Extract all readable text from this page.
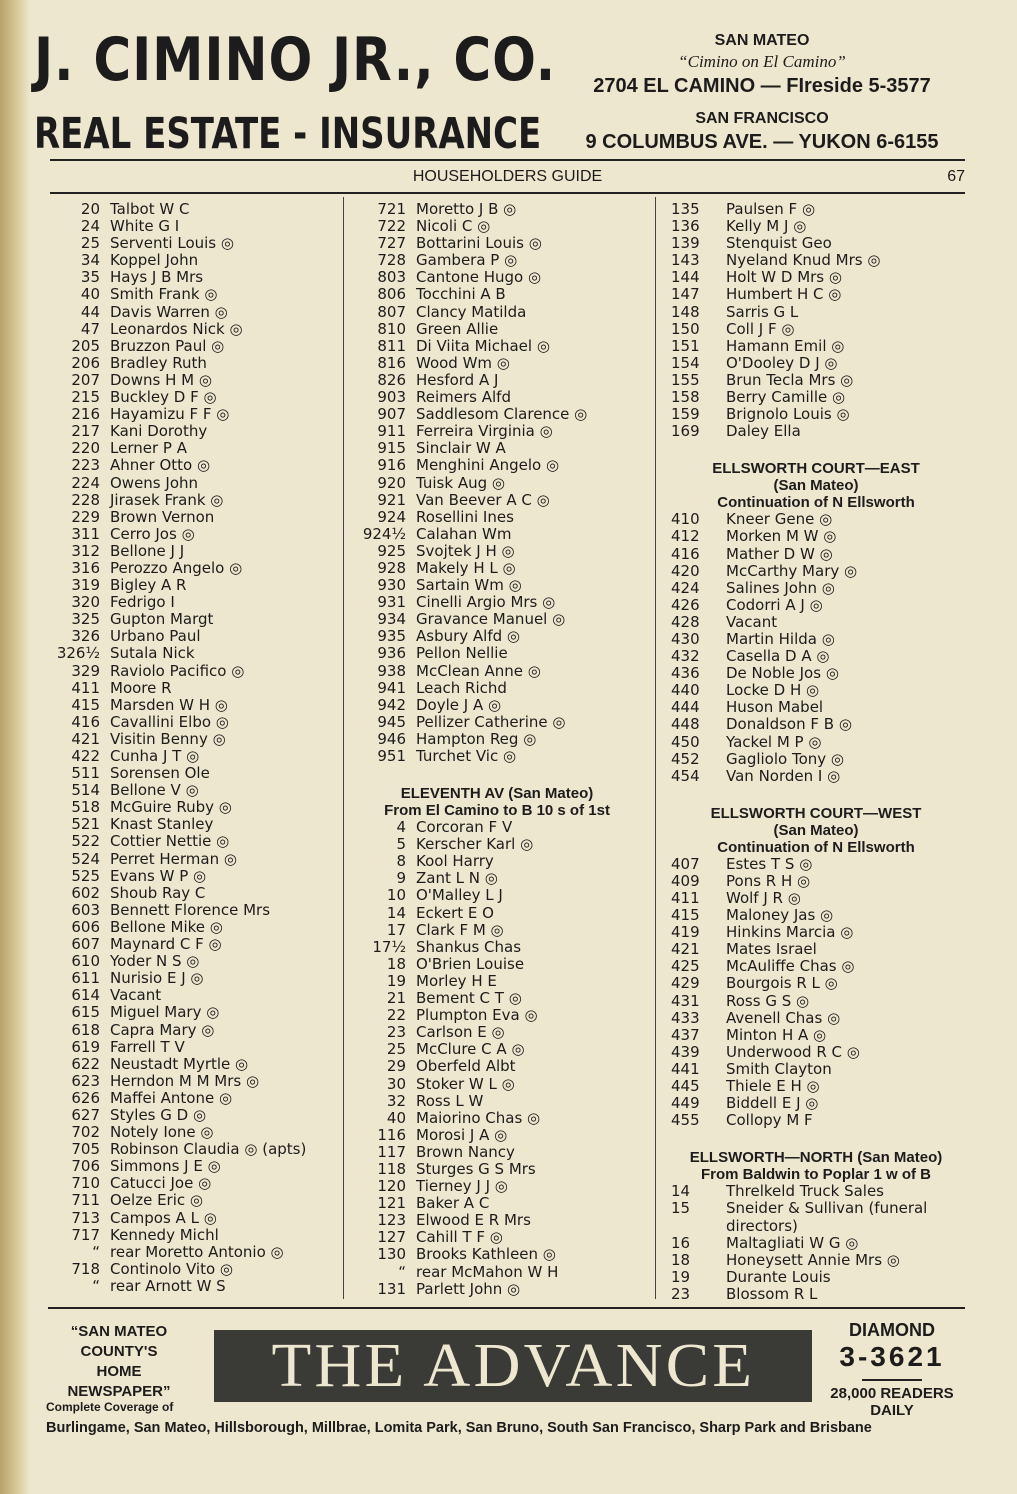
J. CIMINO JR., CO.
REAL ESTATE - INSURANCE
SAN MATEO
“Cimino on El Camino”
2704 EL CAMINO — FIreside 5-3577
SAN FRANCISCO
9 COLUMBUS AVE. — YUKON 6-6155
HOUSEHOLDERS GUIDE	67
20 Talbot W C
24 White G I
25 Serventi Louis ◎
34 Koppel John
35 Hays J B Mrs
40 Smith Frank ◎
44 Davis Warren ◎
47 Leonardos Nick ◎
205 Bruzzon Paul ◎
206 Bradley Ruth
207 Downs H M ◎
215 Buckley D F ◎
216 Hayamizu F F ◎
217 Kani Dorothy
220 Lerner P A
223 Ahner Otto ◎
224 Owens John
228 Jirasek Frank ◎
229 Brown Vernon
311 Cerro Jos ◎
312 Bellone J J
316 Perozzo Angelo ◎
319 Bigley A R
320 Fedrigo I
325 Gupton Margt
326 Urbano Paul
326½ Sutala Nick
329 Raviolo Pacifico ◎
411 Moore R
415 Marsden W H ◎
416 Cavallini Elbo ◎
421 Visitin Benny ◎
422 Cunha J T ◎
511 Sorensen Ole
514 Bellone V ◎
518 McGuire Ruby ◎
521 Knast Stanley
522 Cottier Nettie ◎
524 Perret Herman ◎
525 Evans W P ◎
602 Shoub Ray C
603 Bennett Florence Mrs
606 Bellone Mike ◎
607 Maynard C F ◎
610 Yoder N S ◎
611 Nurisio E J ◎
614 Vacant
615 Miguel Mary ◎
618 Capra Mary ◎
619 Farrell T V
622 Neustadt Myrtle ◎
623 Herndon M M Mrs ◎
626 Maffei Antone ◎
627 Styles G D ◎
702 Notely Ione ◎
705 Robinson Claudia ◎ (apts)
706 Simmons J E ◎
710 Catucci Joe ◎
711 Oelze Eric ◎
713 Campos A L ◎
717 Kennedy Michl
“ rear Moretto Antonio ◎
718 Continolo Vito ◎
“ rear Arnott W S
721 Moretto J B ◎
722 Nicoli C ◎
727 Bottarini Louis ◎
728 Gambera P ◎
803 Cantone Hugo ◎
806 Tocchini A B
807 Clancy Matilda
810 Green Allie
811 Di Viita Michael ◎
816 Wood Wm ◎
826 Hesford A J
903 Reimers Alfd
907 Saddlesom Clarence ◎
911 Ferreira Virginia ◎
915 Sinclair W A
916 Menghini Angelo ◎
920 Tuisk Aug ◎
921 Van Beever A C ◎
924 Rosellini Ines
924½ Calahan Wm
925 Svojtek J H ◎
928 Makely H L ◎
930 Sartain Wm ◎
931 Cinelli Argio Mrs ◎
934 Gravance Manuel ◎
935 Asbury Alfd ◎
936 Pellon Nellie
938 McClean Anne ◎
941 Leach Richd
942 Doyle J A ◎
945 Pellizer Catherine ◎
946 Hampton Reg ◎
951 Turchet Vic ◎
ELEVENTH AV (San Mateo)
From El Camino to B 10 s of 1st
4 Corcoran F V
5 Kerscher Karl ◎
8 Kool Harry
9 Zant L N ◎
10 O'Malley L J
14 Eckert E O
17 Clark F M ◎
17½ Shankus Chas
18 O'Brien Louise
19 Morley H E
21 Bement C T ◎
22 Plumpton Eva ◎
23 Carlson E ◎
25 McClure C A ◎
29 Oberfeld Albt
30 Stoker W L ◎
32 Ross L W
40 Maiorino Chas ◎
116 Morosi J A ◎
117 Brown Nancy
118 Sturges G S Mrs
120 Tierney J J ◎
121 Baker A C
123 Elwood E R Mrs
127 Cahill T F ◎
130 Brooks Kathleen ◎
“ rear McMahon W H
131 Parlett John ◎
135	Paulsen F ◎
136	Kelly M J ◎
139	Stenquist Geo
143	Nyeland Knud Mrs ◎
144	Holt W D Mrs ◎
147	Humbert H C ◎
148	Sarris G L
150	Coll J F ◎
151	Hamann Emil ◎
154	O'Dooley D J ◎
155	Brun Tecla Mrs ◎
158	Berry Camille ◎
159	Brignolo Louis ◎
169	Daley Ella
ELLSWORTH COURT—EAST
(San Mateo)
Continuation of N Ellsworth
410	Kneer Gene ◎
412	Morken M W ◎
416	Mather D W ◎
420	McCarthy Mary ◎
424	Salines John ◎
426	Codorri A J ◎
428	Vacant
430	Martin Hilda ◎
432	Casella D A ◎
436	De Noble Jos ◎
440	Locke D H ◎
444	Huson Mabel
448	Donaldson F B ◎
450	Yackel M P ◎
452	Gagliolo Tony ◎
454	Van Norden I ◎
ELLSWORTH COURT—WEST
(San Mateo)
Continuation of N Ellsworth
407	Estes T S ◎
409	Pons R H ◎
411	Wolf J R ◎
415	Maloney Jas ◎
419	Hinkins Marcia ◎
421	Mates Israel
425	McAuliffe Chas ◎
429	Bourgois R L ◎
431	Ross G S ◎
433	Avenell Chas ◎
437	Minton H A ◎
439	Underwood R C ◎
441	Smith Clayton
445	Thiele E H ◎
449	Biddell E J ◎
455	Collopy M F
ELLSWORTH—NORTH (San Mateo)
From Baldwin to Poplar 1 w of B
14	Threlkeld Truck Sales
15	Sneider & Sullivan (funeral
directors)
16	Maltagliati W G ◎
18	Honeysett Annie Mrs ◎
19	Durante Louis
23	Blossom R L
“SAN MATEO
COUNTY'S
HOME
NEWSPAPER”	THE ADVANCE
DIAMOND
3-3621
28,000 READERS
DAILY
Complete Coverage of
Burlingame, San Mateo, Hillsborough, Millbrae, Lomita Park, San Bruno, South San Francisco, Sharp Park and Brisbane
